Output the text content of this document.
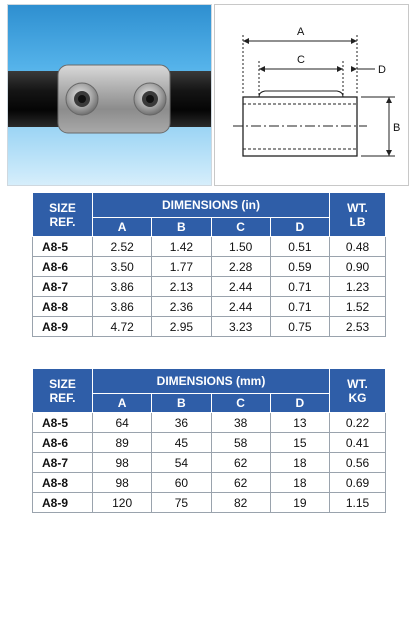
A
C
D
B
SIZE
REF.	DIMENSIONS (in)				WT.
LB
	A	B	C	D	
A8-5	2.52	1.42	1.50	0.51	0.48
A8-6	3.50	1.77	2.28	0.59	0.90
A8-7	3.86	2.13	2.44	0.71	1.23
A8-8	3.86	2.36	2.44	0.71	1.52
A8-9	4.72	2.95	3.23	0.75	2.53
SIZE
REF.	DIMENSIONS (mm)				WT.
KG
	A	B	C	D	
A8-5	64	36	38	13	0.22
A8-6	89	45	58	15	0.41
A8-7	98	54	62	18	0.56
A8-8	98	60	62	18	0.69
A8-9	120	75	82	19	1.15
